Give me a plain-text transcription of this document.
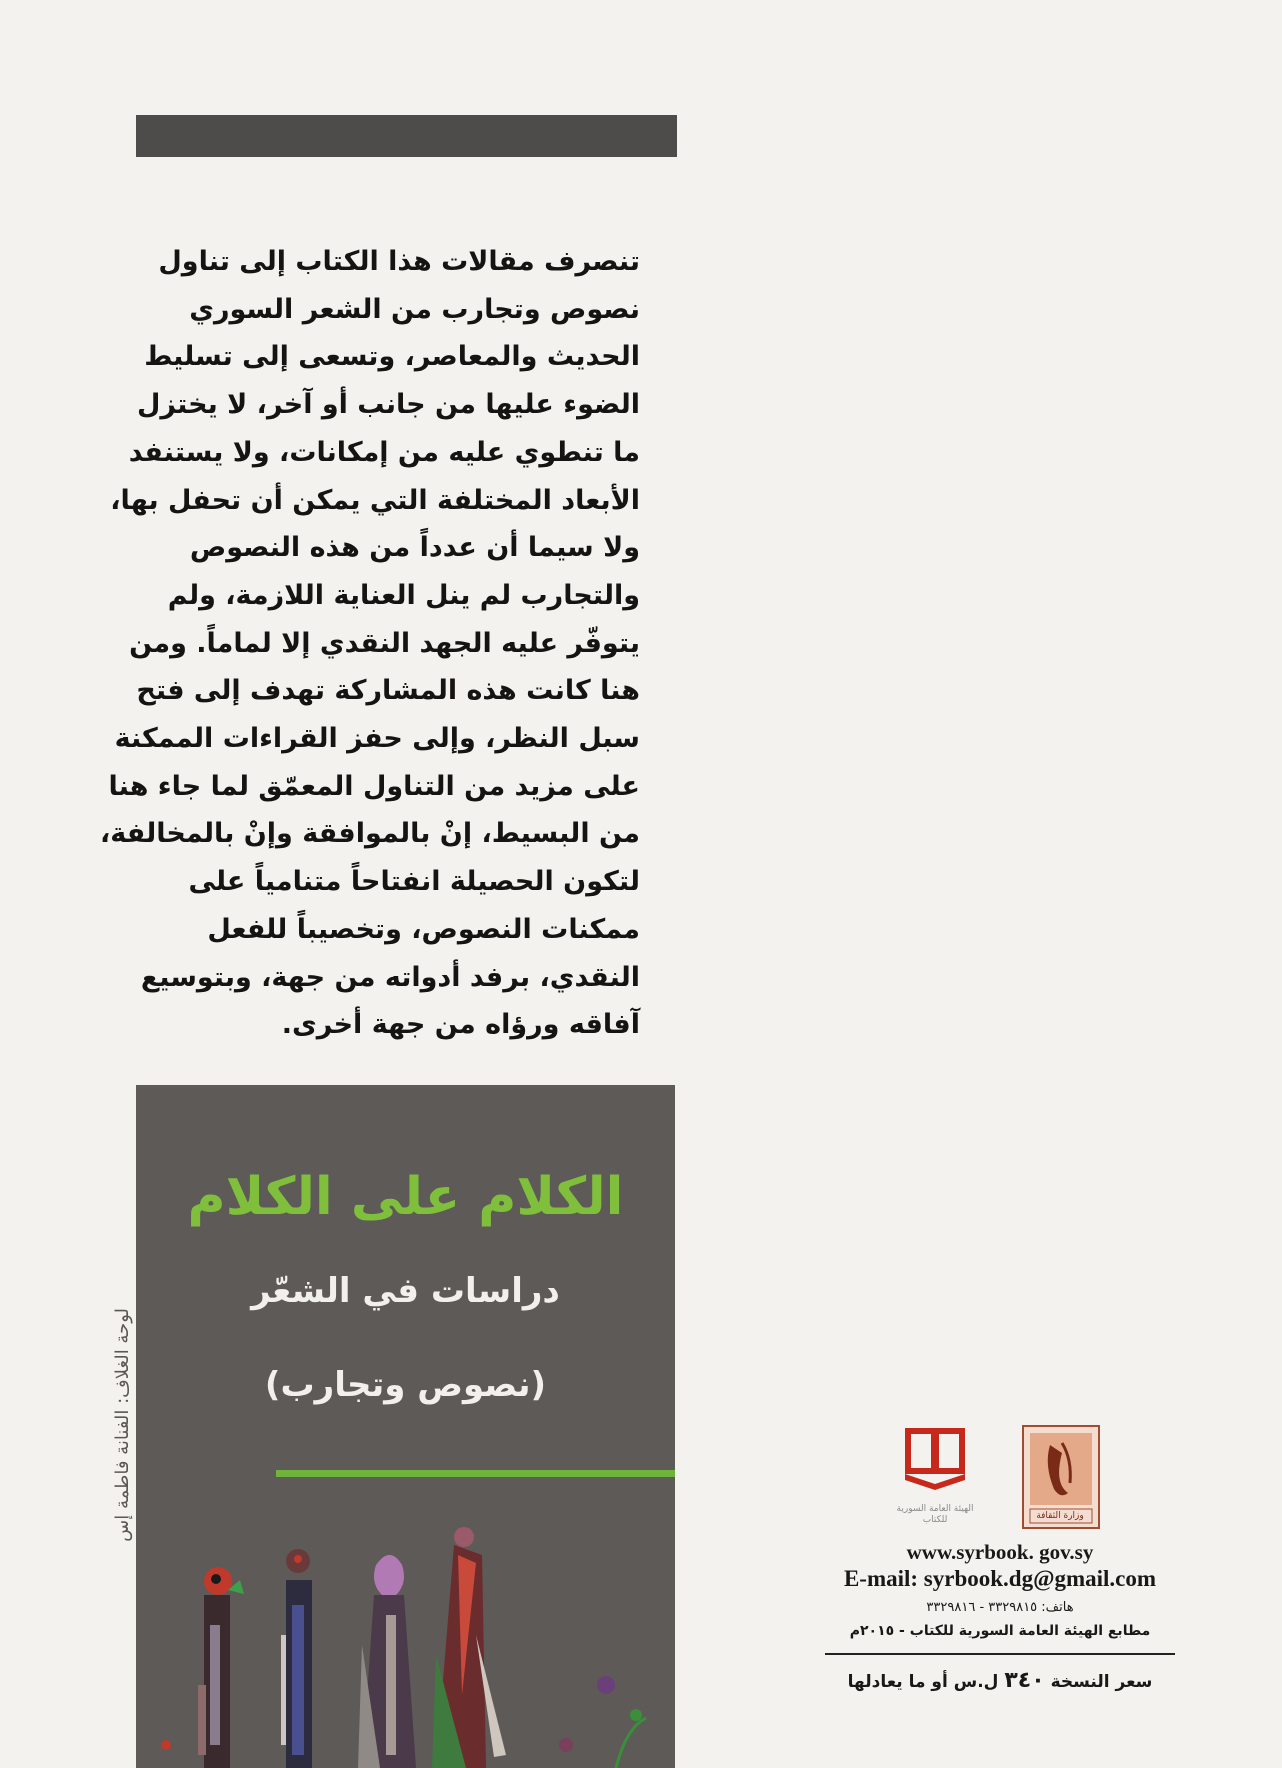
تنصرف مقالات هذا الكتاب إلى تناول
نصوص وتجارب من الشعر السوري
الحديث والمعاصر، وتسعى إلى تسليط
الضوء عليها من جانب أو آخر، لا يختزل
ما تنطوي عليه من إمكانات، ولا يستنفد
الأبعاد المختلفة التي يمكن أن تحفل بها،
ولا سيما أن عدداً من هذه النصوص
والتجارب لم ينل العناية اللازمة، ولم
يتوفّر عليه الجهد النقدي إلا لماماً. ومن
هنا كانت هذه المشاركة تهدف إلى فتح
سبل النظر، وإلى حفز القراءات الممكنة
على مزيد من التناول المعمّق لما جاء هنا
من البسيط، إنْ بالموافقة وإنْ بالمخالفة،
لتكون الحصيلة انفتاحاً متنامياً على
ممكنات النصوص، وتخصيباً للفعل
النقدي، برفد أدواته من جهة، وبتوسيع
آفاقه ورؤاه من جهة أخرى.
الكلام على الكلام
دراسات في الشعّر
(نصوص وتجارب)
لوحة الغلاف: الفنانة فاطمة إس	وزارة الثقافة
الهيئة العامة السورية للكتاب
www.syrbook. gov.sy
E-mail: syrbook.dg@gmail.com
هاتف: ٣٣٢٩٨١٥ - ٣٣٢٩٨١٦
مطابع الهيئة العامة السورية للكتاب - ٢٠١٥م
سعر النسخة ٣٤٠ ل.س أو ما يعادلها
